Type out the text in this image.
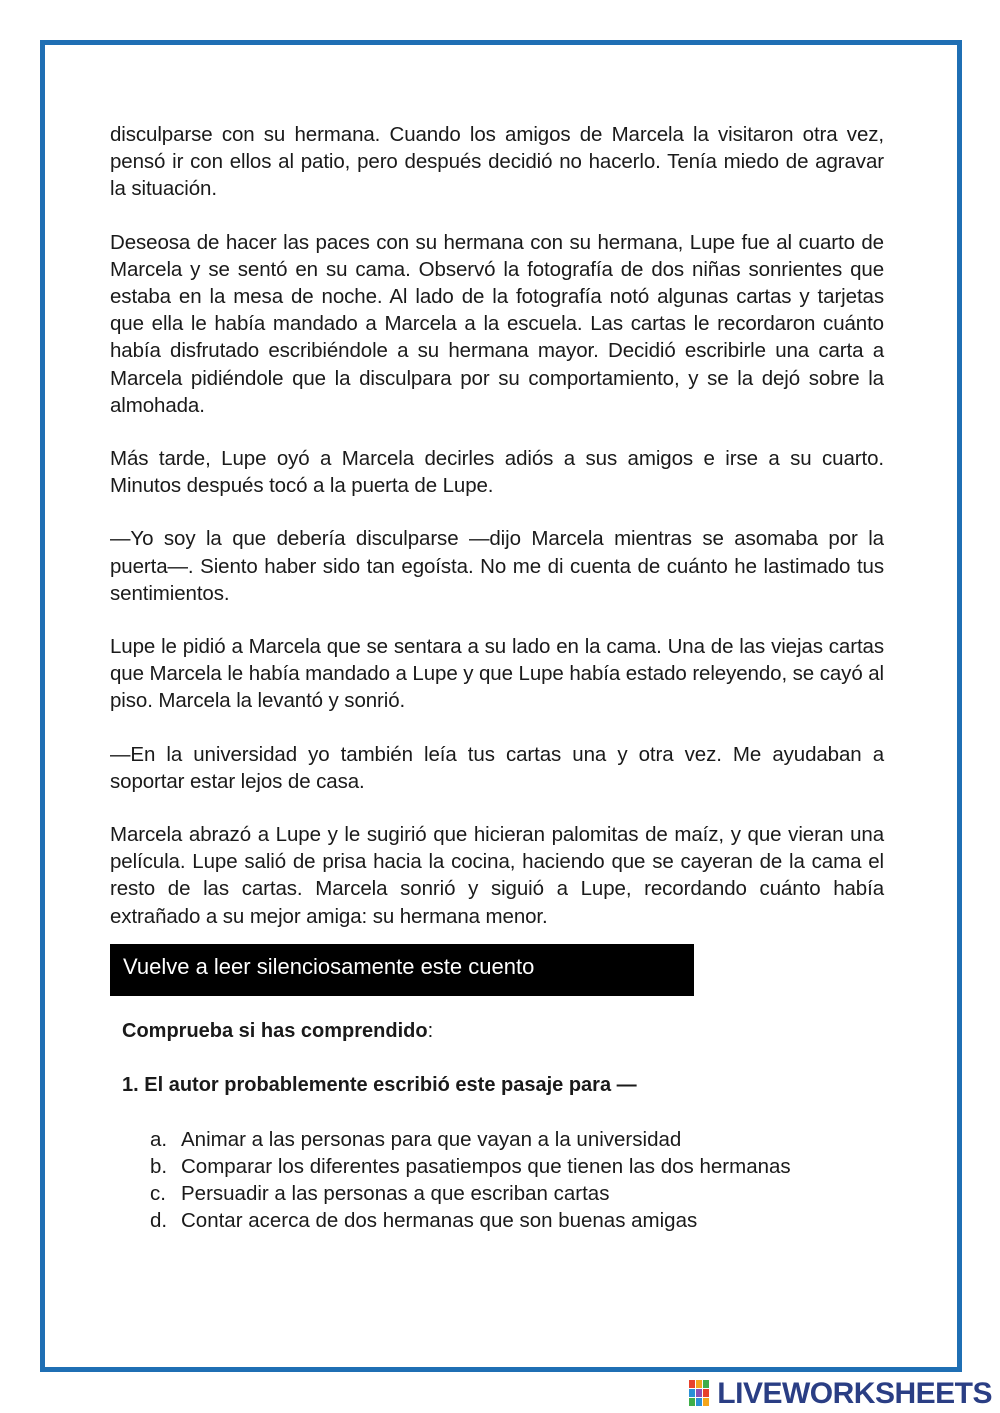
disculparse con su hermana. Cuando los amigos de Marcela la visitaron otra vez, pensó ir con ellos al patio, pero después decidió no hacerlo. Tenía miedo de agravar la situación.

Deseosa de hacer las paces con su hermana con su hermana, Lupe fue al cuarto de Marcela y se sentó en su cama. Observó la fotografía de dos niñas sonrientes que estaba en la mesa de noche. Al lado de la fotografía notó algunas cartas y tarjetas que ella le había mandado a Marcela a la escuela. Las cartas le recordaron cuánto había disfrutado escribiéndole a su hermana mayor. Decidió escribirle una carta a Marcela pidiéndole que la disculpara por su comportamiento, y se la dejó sobre la almohada.

Más tarde, Lupe oyó a Marcela decirles adiós a sus amigos e irse a su cuarto. Minutos después tocó a la puerta de Lupe.

—Yo soy la que debería disculparse —dijo Marcela mientras se asomaba por la puerta—. Siento haber sido tan egoísta. No me di cuenta de cuánto he lastimado tus sentimientos.

Lupe le pidió a Marcela que se sentara a su lado en la cama. Una de las viejas cartas que Marcela le había mandado a Lupe y que Lupe había estado releyendo, se cayó al piso. Marcela la levantó y sonrió.

—En la universidad yo también leía tus cartas una y otra vez. Me ayudaban a soportar estar lejos de casa.

Marcela abrazó a Lupe y le sugirió que hicieran palomitas de maíz, y que vieran una película. Lupe salió de prisa hacia la cocina, haciendo que se cayeran de la cama el resto de las cartas. Marcela sonrió y siguió a Lupe, recordando cuánto había extrañado a su mejor amiga: su hermana menor.

Vuelve a leer silenciosamente este cuento
Comprueba si has comprendido:
1. El autor probablemente escribió este pasaje para —
a. Animar a las personas para que vayan a la universidad
b. Comparar los diferentes pasatiempos que tienen las dos hermanas
c. Persuadir a las personas a que escriban cartas
d. Contar acerca de dos hermanas que son buenas amigas
LIVEWORKSHEETS
